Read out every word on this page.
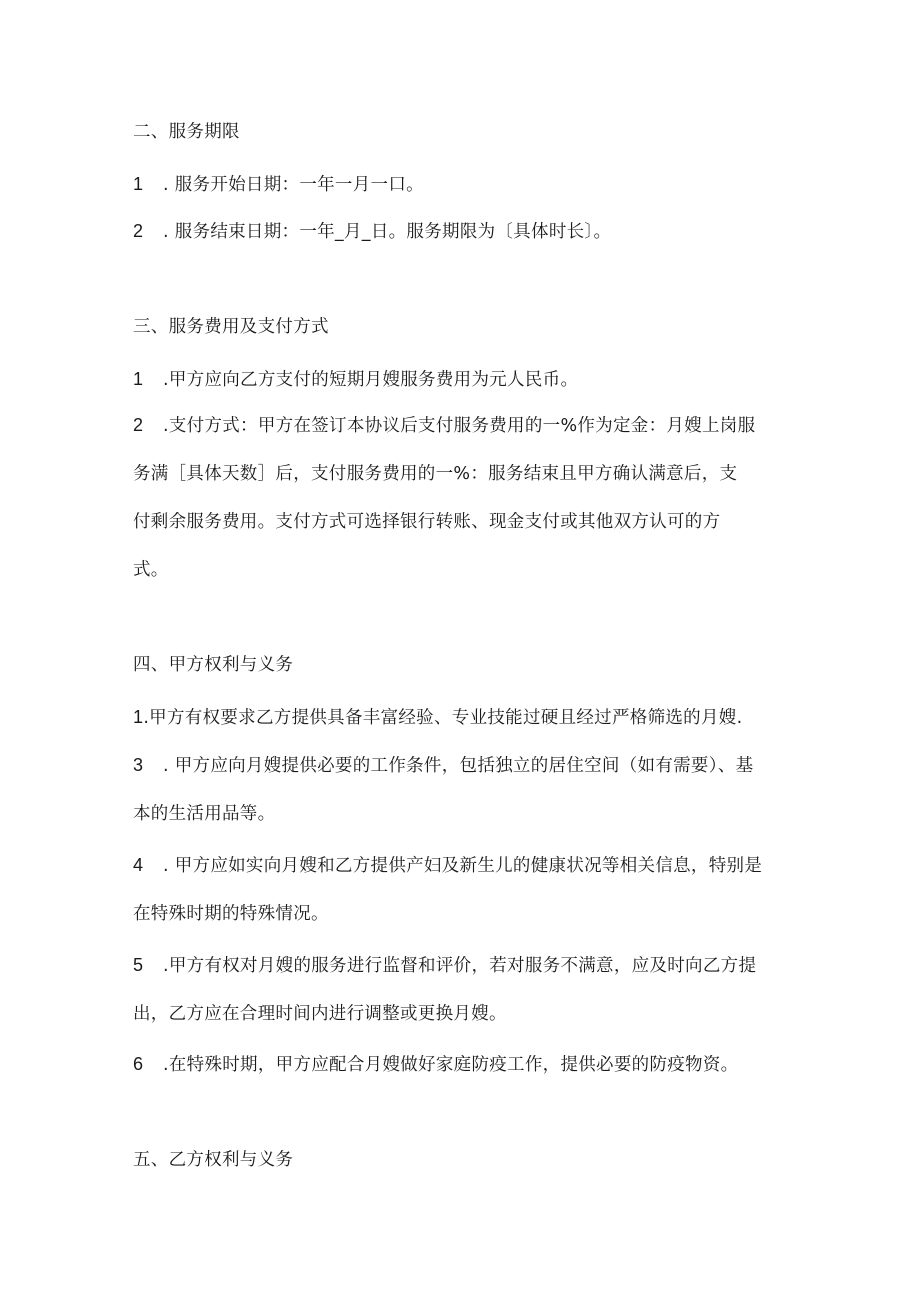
二、服务期限
1 . 服务开始日期：一年一月一口。
2 . 服务结束日期：一年_月_日。服务期限为〔具体时长〕。
三、服务费用及支付方式
1 .甲方应向乙方支付的短期月嫂服务费用为元人民币。
2 .支付方式：甲方在签订本协议后支付服务费用的一%作为定金：月嫂上岗服
务满［具体天数］后，支付服务费用的一%：服务结束且甲方确认满意后，支
付剩余服务费用。支付方式可选择银行转账、现金支付或其他双方认可的方
式。
四、甲方权利与义务
1.甲方有权要求乙方提供具备丰富经验、专业技能过硬且经过严格筛选的月嫂.
3 . 甲方应向月嫂提供必要的工作条件，包括独立的居住空间（如有需要）、基
本的生活用品等。
4 . 甲方应如实向月嫂和乙方提供产妇及新生儿的健康状况等相关信息，特别是
在特殊时期的特殊情况。
5 .甲方有权对月嫂的服务进行监督和评价，若对服务不满意，应及时向乙方提
出，乙方应在合理时间内进行调整或更换月嫂。
6 .在特殊时期，甲方应配合月嫂做好家庭防疫工作，提供必要的防疫物资。
五、乙方权利与义务
